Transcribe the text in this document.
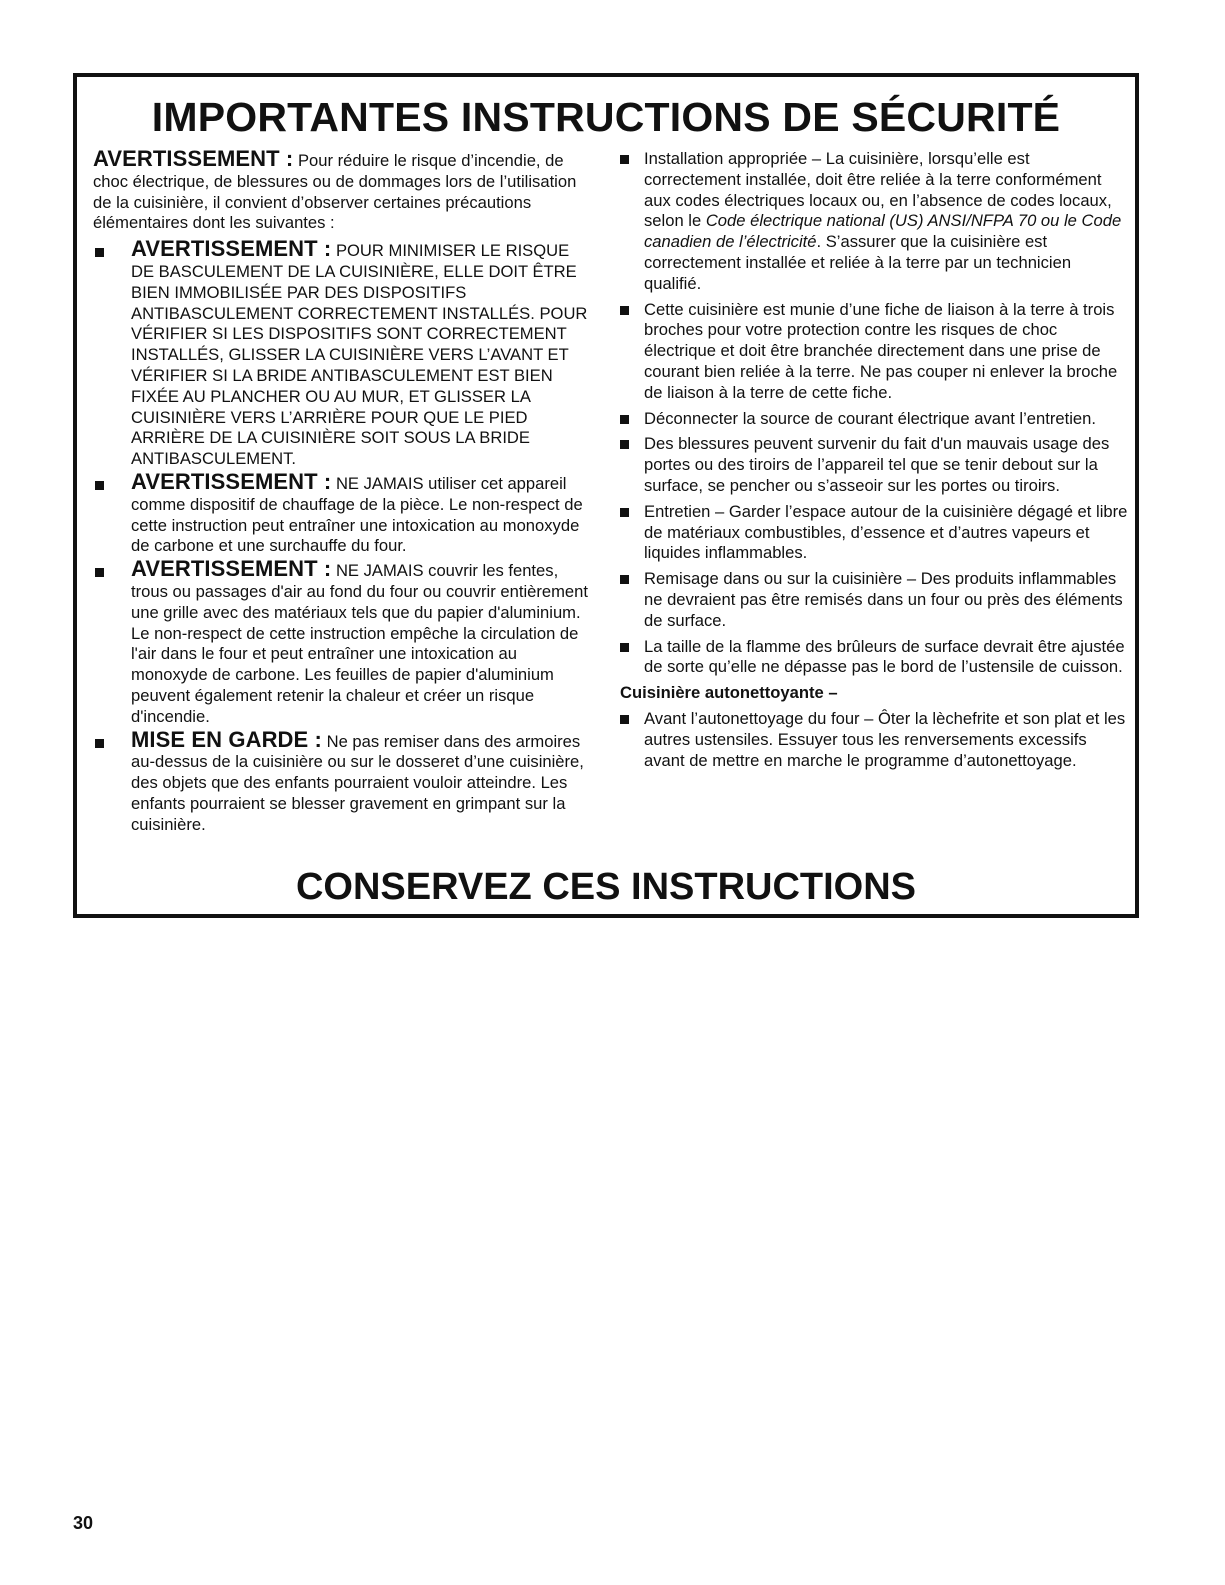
IMPORTANTES INSTRUCTIONS DE SÉCURITÉ

AVERTISSEMENT : Pour réduire le risque d’incendie, de choc électrique, de blessures ou de dommages lors de l’utilisation de la cuisinière, il convient d’observer certaines précautions élémentaires dont les suivantes :

AVERTISSEMENT : POUR MINIMISER LE RISQUE DE BASCULEMENT DE LA CUISINIÈRE, ELLE DOIT ÊTRE BIEN IMMOBILISÉE PAR DES DISPOSITIFS ANTIBASCULEMENT CORRECTEMENT INSTALLÉS. POUR VÉRIFIER SI LES DISPOSITIFS SONT CORRECTEMENT INSTALLÉS, GLISSER LA CUISINIÈRE VERS L’AVANT ET VÉRIFIER SI LA BRIDE ANTIBASCULEMENT EST BIEN FIXÉE AU PLANCHER OU AU MUR, ET GLISSER LA CUISINIÈRE VERS L’ARRIÈRE POUR QUE LE PIED ARRIÈRE DE LA CUISINIÈRE SOIT SOUS LA BRIDE ANTIBASCULEMENT.
AVERTISSEMENT : NE JAMAIS utiliser cet appareil comme dispositif de chauffage de la pièce. Le non-respect de cette instruction peut entraîner une intoxication au monoxyde de carbone et une surchauffe du four.
AVERTISSEMENT : NE JAMAIS couvrir les fentes, trous ou passages d'air au fond du four ou couvrir entièrement une grille avec des matériaux tels que du papier d'aluminium. Le non-respect de cette instruction empêche la circulation de l'air dans le four et peut entraîner une intoxication au monoxyde de carbone. Les feuilles de papier d'aluminium peuvent également retenir la chaleur et créer un risque d'incendie.
MISE EN GARDE : Ne pas remiser dans des armoires au-dessus de la cuisinière ou sur le dosseret d’une cuisinière, des objets que des enfants pourraient vouloir atteindre. Les enfants pourraient se blesser gravement en grimpant sur la cuisinière.
Installation appropriée – La cuisinière, lorsqu’elle est correctement installée, doit être reliée à la terre conformément aux codes électriques locaux ou, en l’absence de codes locaux, selon le Code électrique national (US) ANSI/NFPA 70 ou le Code canadien de l’électricité. S’assurer que la cuisinière est correctement installée et reliée à la terre par un technicien qualifié.
Cette cuisinière est munie d’une fiche de liaison à la terre à trois broches pour votre protection contre les risques de choc électrique et doit être branchée directement dans une prise de courant bien reliée à la terre. Ne pas couper ni enlever la broche de liaison à la terre de cette fiche.
Déconnecter la source de courant électrique avant l’entretien.
Des blessures peuvent survenir du fait d'un mauvais usage des portes ou des tiroirs de l’appareil tel que se tenir debout sur la surface, se pencher ou s’asseoir sur les portes ou tiroirs.
Entretien – Garder l’espace autour de la cuisinière dégagé et libre de matériaux combustibles, d’essence et d’autres vapeurs et liquides inflammables.
Remisage dans ou sur la cuisinière – Des produits inflammables ne devraient pas être remisés dans un four ou près des éléments de surface.
La taille de la flamme des brûleurs de surface devrait être ajustée de sorte qu’elle ne dépasse pas le bord de l’ustensile de cuisson.
Cuisinière autonettoyante –
Avant l’autonettoyage du four – Ôter la lèchefrite et son plat et les autres ustensiles. Essuyer tous les renversements excessifs avant de mettre en marche le programme d’autonettoyage.
CONSERVEZ CES INSTRUCTIONS
30
